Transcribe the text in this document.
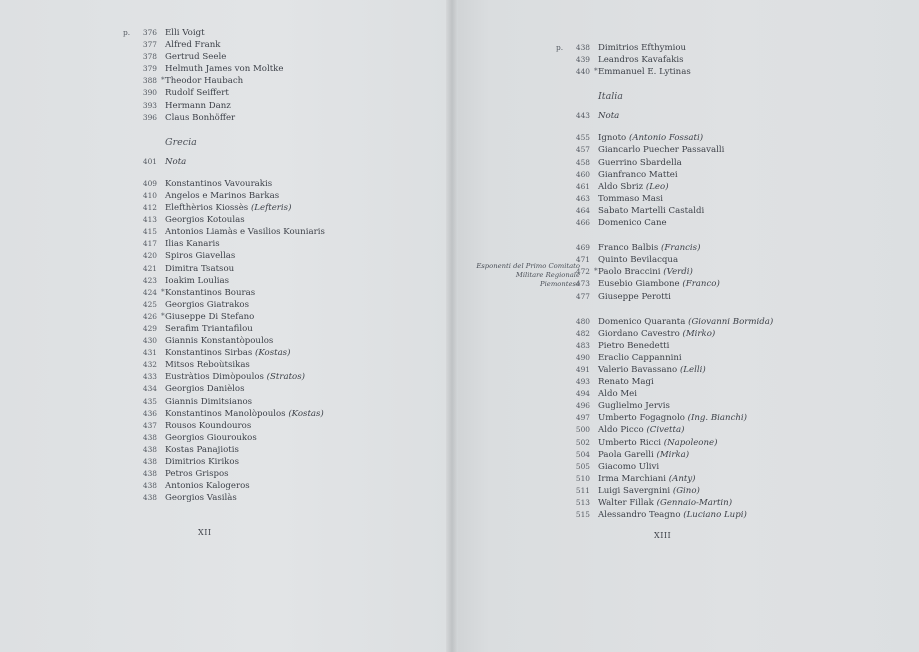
p. 376 Elli Voigt
377 Alfred Frank
378 Gertrud Seele
379 Helmuth James von Moltke
388 * Theodor Haubach
390 Rudolf Seiffert
393 Hermann Danz
396 Claus Bonhöffer
Grecia
401 Nota
409 Konstantinos Vavourakis
410 Angelos e Marinos Barkas
412 Elefthèrios Kiossès (Lefteris)
413 Georgios Kotoulas
415 Antonios Liamàs e Vasilios Kouniaris
417 Ilias Kanaris
420 Spiros Giavellas
421 Dimitra Tsatsou
423 Ioakim Loulias
424 * Konstantinos Bouras
425 Georgios Giatrakos
426 * Giuseppe Di Stefano
429 Serafim Triantafilou
430 Giannis Konstantòpoulos
431 Konstantinos Sirbas (Kostas)
432 Mitsos Reboùtsikas
433 Eustràtios Dimòpoulos (Stratos)
434 Georgios Danièlos
435 Giannis Dimitsianos
436 Konstantinos Manolòpoulos (Kostas)
437 Rousos Koundouros
438 Georgios Giouroukos
438 Kostas Panajiotis
438 Dimitrios Kirikos
438 Petros Grispos
438 Antonios Kalogeros
438 Georgios Vasilàs
XII
p. 438 Dimitrios Efthymiou
439 Leandros Kavafakis
440 * Emmanuel E. Lytinas
Italia
443 Nota
455 Ignoto (Antonio Fossati)
457 Giancarlo Puecher Passavalli
458 Guerrino Sbardella
460 Gianfranco Mattei
461 Aldo Sbriz (Leo)
463 Tommaso Masi
464 Sabato Martelli Castaldi
466 Domenico Cane
469 Franco Balbis (Francis)
471 Quinto Bevilacqua
472 * Paolo Braccini (Verdi)
473 Eusebio Giambone (Franco)
477 Giuseppe Perotti
480 Domenico Quaranta (Giovanni Bormida)
482 Giordano Cavestro (Mirko)
483 Pietro Benedetti
490 Eraclio Cappannini
491 Valerio Bavassano (Lelli)
493 Renato Magi
494 Aldo Mei
496 Guglielmo Jervis
497 Umberto Fogagnolo (Ing. Bianchi)
500 Aldo Picco (Civetta)
502 Umberto Ricci (Napoleone)
504 Paola Garelli (Mirka)
505 Giacomo Ulivi
510 Irma Marchiani (Anty)
511 Luigi Savergnini (Gino)
513 Walter Fillak (Gennaio-Martin)
515 Alessandro Teagno (Luciano Lupi)
Esponenti del Primo Comitato Militare Regionale Piemontese
XIII
